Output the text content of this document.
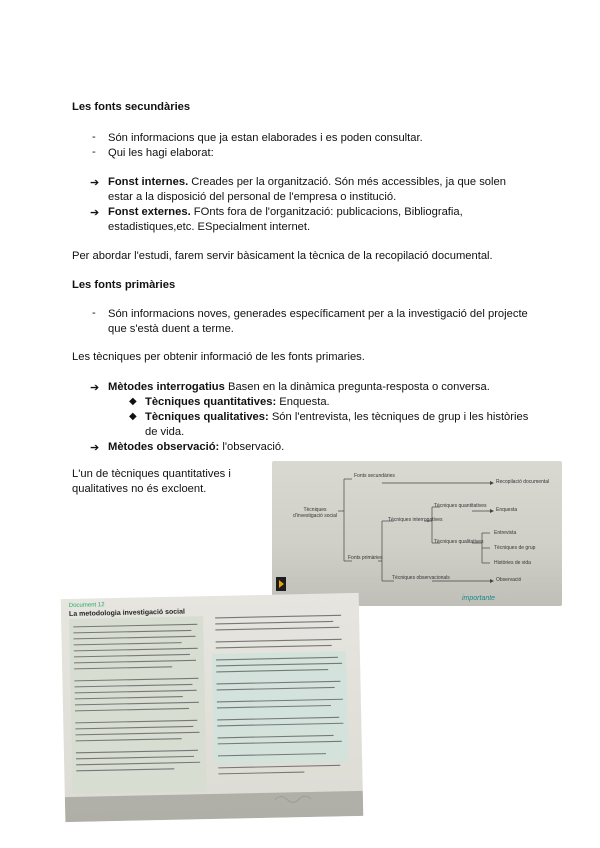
Les fonts secundàries
-	Són informacions que ja estan elaborades i es poden consultar.
-	Qui les hagi elaborat:
➔ Fonst internes. Creades per la organització. Són més accessibles, ja que solen
estar a la disposició del personal de l'empresa o institució.
➔ Fonst externes. FOnts fora de l'organització: publicacions, Bibliografia,
estadistiques,etc. ESpecialment internet.
Per abordar l'estudi, farem servir bàsicament la tècnica de la recopilació documental.
Les fonts primàries
-	Són informacions noves, generades específicament per a la investigació del projecte
que s'està duent a terme.
Les tècniques per obtenir informació de les fonts primaries.
➔ Mètodes interrogatius Basen en la dinàmica pregunta-resposta o conversa.
◆ Tècniques quantitatives: Enquesta.
◆ Tècniques qualitatives: Són l'entrevista, les tècniques de grup i les històries
de vida.
➔ Mètodes observació: l'observació.
L'un de tècniques quantitatives i
qualitatives no és excloent.
Fonts secundàries
Tècniques d'investigació social
Fonts primàries
Tècniques interrogatives
Tècniques quantitatives
Tècniques qualitatives
Tècniques observacionals
Recopilació documental
Enquesta
Entrevista
Tècniques de grup
Històries de vida
Observació
importante
Document 12
La metodologia investigació social
